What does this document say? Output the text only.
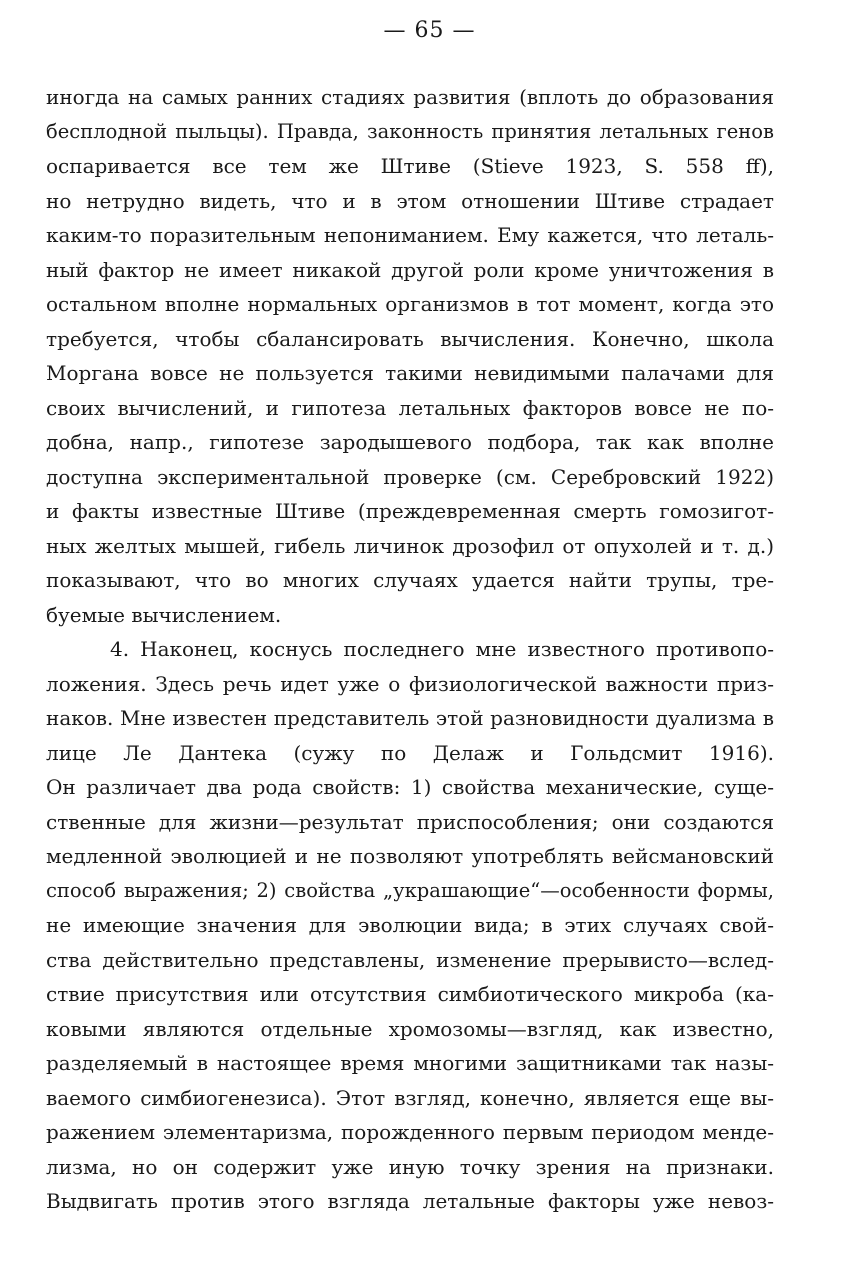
— 65 —
иногда на самых ранних стадиях развития (вплоть до образования
бесплодной пыльцы). Правда, законность принятия летальных генов
оспаривается все тем же Штиве (Stieve 1923, S. 558 ff),
но нетрудно видеть, что и в этом отношении Штиве страдает
каким-то поразительным непониманием. Ему кажется, что леталь-
ный фактор не имеет никакой другой роли кроме уничтожения в
остальном вполне нормальных организмов в тот момент, когда это
требуется, чтобы сбалансировать вычисления. Конечно, школа
Моргана вовсе не пользуется такими невидимыми палачами для
своих вычислений, и гипотеза летальных факторов вовсе не по-
добна, напр., гипотезе зародышевого подбора, так как вполне
доступна экспериментальной проверке (см. Серебровский 1922)
и факты известные Штиве (преждевременная смерть гомозигот-
ных желтых мышей, гибель личинок дрозофил от опухолей и т. д.)
показывают, что во многих случаях удается найти трупы, тре-
буемые вычислением.
4. Наконец, коснусь последнего мне известного противопо-
ложения. Здесь речь идет уже о физиологической важности приз-
наков. Мне известен представитель этой разновидности дуализма в
лице Ле Дантека (сужу по Делаж и Гольдсмит 1916).
Он различает два рода свойств: 1) свойства механические, суще-
ственные для жизни—результат приспособления; они создаются
медленной эволюцией и не позволяют употреблять вейсмановский
способ выражения; 2) свойства „украшающие“—особенности формы,
не имеющие значения для эволюции вида; в этих случаях свой-
ства действительно представлены, изменение прерывисто—вслед-
ствие присутствия или отсутствия симбиотического микроба (ка-
ковыми являются отдельные хромозомы—взгляд, как известно,
разделяемый в настоящее время многими защитниками так назы-
ваемого симбиогенезиса). Этот взгляд, конечно, является еще вы-
ражением элементаризма, порожденного первым периодом менде-
лизма, но он содержит уже иную точку зрения на признаки.
Выдвигать против этого взгляда летальные факторы уже невоз-
